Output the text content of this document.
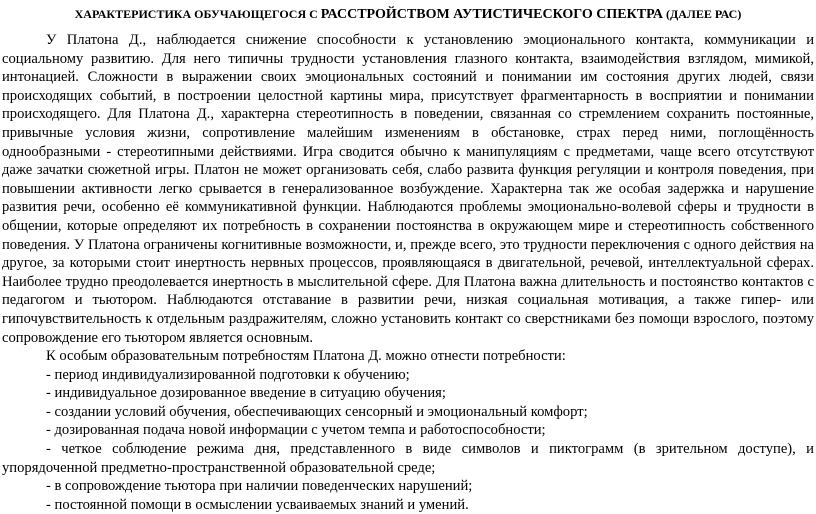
ХАРАКТЕРИСТИКА ОБУЧАЮЩЕГОСЯ С РАССТРОЙСТВОМ АУТИСТИЧЕСКОГО СПЕКТРА (ДАЛЕЕ РАС)

У Платона Д., наблюдается снижение способности к установлению эмоционального контакта, коммуникации и социальному развитию. Для него типичны трудности установления глазного контакта, взаимодействия взглядом, мимикой, интонацией. Сложности в выражении своих эмоциональных состояний и понимании им состояния других людей, связи происходящих событий, в построении целостной картины мира, присутствует фрагментарность в восприятии и понимании происходящего. Для Платона Д., характерна стереотипность в поведении, связанная со стремлением сохранить постоянные, привычные условия жизни, сопротивление малейшим изменениям в обстановке, страх перед ними, поглощённость однообразными - стереотипными действиями. Игра сводится обычно к манипуляциям с предметами, чаще всего отсутствуют даже зачатки сюжетной игры. Платон не может организовать себя, слабо развита функция регуляции и контроля поведения, при повышении активности легко срывается в генерализованное возбуждение. Характерна так же особая задержка и нарушение развития речи, особенно её коммуникативной функции. Наблюдаются проблемы эмоционально-волевой сферы и трудности в общении, которые определяют их потребность в сохранении постоянства в окружающем мире и стереотипность собственного поведения. У Платона ограничены когнитивные возможности, и, прежде всего, это трудности переключения с одного действия на другое, за которыми стоит инертность нервных процессов, проявляющаяся в двигательной, речевой, интеллектуальной сферах. Наиболее трудно преодолевается инертность в мыслительной сфере. Для Платона важна длительность и постоянство контактов с педагогом и тьютором. Наблюдаются отставание в развитии речи, низкая социальная мотивация, а также гипер- или гипочувствительность к отдельным раздражителям, сложно установить контакт со сверстниками без помощи взрослого, поэтому сопровождение его тьютором является основным.

К особым образовательным потребностям Платона Д. можно отнести потребности:

- период индивидуализированной подготовки к обучению;
- индивидуальное дозированное введение в ситуацию обучения;
- создании условий обучения, обеспечивающих сенсорный и эмоциональный комфорт;
- дозированная подача новой информации с учетом темпа и работоспособности;
- четкое соблюдение режима дня, представленного в виде символов и пиктограмм (в зрительном доступе), и упорядоченной предметно-пространственной образовательной среде;
- в сопровождение тьютора при наличии поведенческих нарушений;
- постоянной помощи в осмыслении усваиваемых знаний и умений.
